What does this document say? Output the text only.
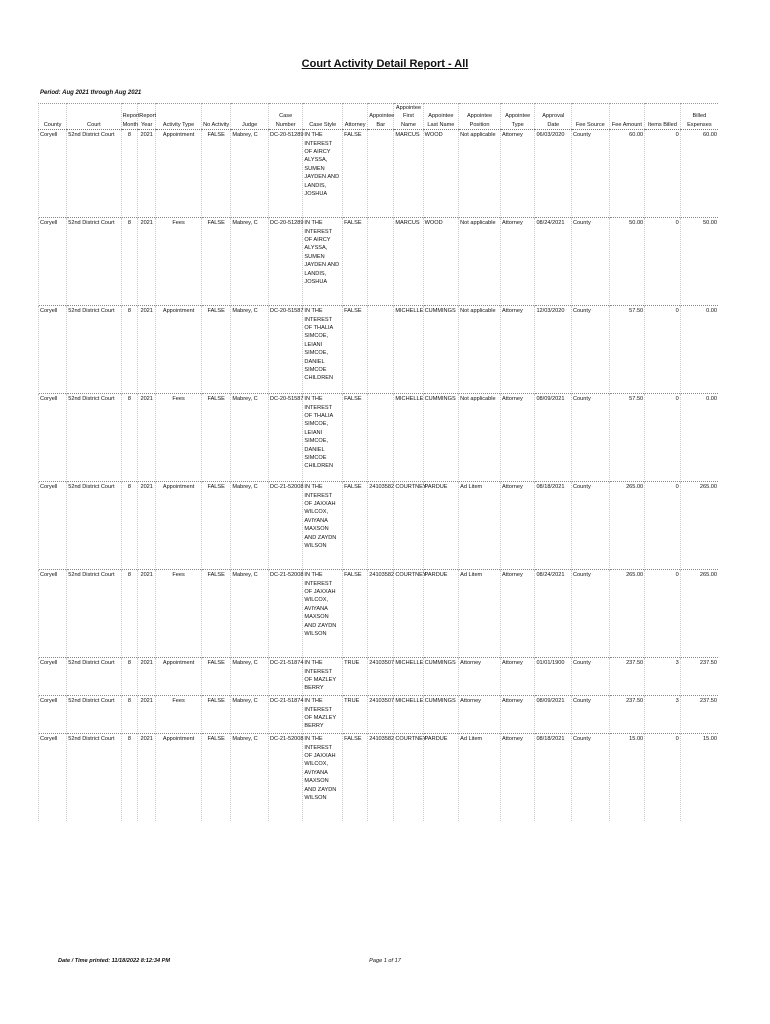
Court Activity Detail Report - All
Period: Aug 2021 through Aug 2021
County	Court	Report Month	Report Year	Activity Type	No Activity	Judge	Case Number	Case Style	Attorney	Appointee Bar	Appointee First Name	Appointee Last Name	Appointee Position	Appointee Type	Approval Date	Fee Source	Fee Amount	Items Billed	Billed Expenses
Coryell	52nd District Court	8	2021	Appointment	FALSE	Mabrey, C	DC-20-51289	IN THE INTEREST OF AIRCY ALYSSA, SUMEN JAYDEN AND LANDIS, JOSHUA	FALSE		MARCUS	WOOD	Not applicable	Attorney	06/03/2020	County	60.00	0	60.00
Coryell	52nd District Court	8	2021	Fees	FALSE	Mabrey, C	DC-20-51289	IN THE INTEREST OF AIRCY ALYSSA, SUMEN JAYDEN AND LANDIS, JOSHUA	FALSE		MARCUS	WOOD	Not applicable	Attorney	08/24/2021	County	50.00	0	50.00
Coryell	52nd District Court	8	2021	Appointment	FALSE	Mabrey, C	DC-20-51587	IN THE INTEREST OF THALIA SIMCOE, LEIANI SIMCOE, DANIEL SIMCOE CHILDREN	FALSE		MICHELLE	CUMMINGS	Not applicable	Attorney	12/03/2020	County	57.50	0	0.00
Coryell	52nd District Court	8	2021	Fees	FALSE	Mabrey, C	DC-20-51587	IN THE INTEREST OF THALIA SIMCOE, LEIANI SIMCOE, DANIEL SIMCOE CHILDREN	FALSE		MICHELLE	CUMMINGS	Not applicable	Attorney	08/09/2021	County	57.50	0	0.00
Coryell	52nd District Court	8	2021	Appointment	FALSE	Mabrey, C	DC-21-52008	IN THE INTEREST OF JAXXAH WILCOX, AVIYANA MAXSON AND ZAYDN WILSON	FALSE	24103582	COURTNEY	PARDUE	Ad Litem	Attorney	08/18/2021	County	265.00	0	265.00
Coryell	52nd District Court	8	2021	Fees	FALSE	Mabrey, C	DC-21-52008	IN THE INTEREST OF JAXXAH WILCOX, AVIYANA MAXSON AND ZAYDN WILSON	FALSE	24103582	COURTNEY	PARDUE	Ad Litem	Attorney	08/24/2021	County	265.00	0	265.00
Coryell	52nd District Court	8	2021	Appointment	FALSE	Mabrey, C	DC-21-51874	IN THE INTEREST OF MAZLEY BERRY	TRUE	24103507	MICHELLE	CUMMINGS	Attorney	Attorney	01/01/1900	County	237.50	3	237.50
Coryell	52nd District Court	8	2021	Fees	FALSE	Mabrey, C	DC-21-51874	IN THE INTEREST OF MAZLEY BERRY	TRUE	24103507	MICHELLE	CUMMINGS	Attorney	Attorney	08/09/2021	County	237.50	3	237.50
Coryell	52nd District Court	8	2021	Appointment	FALSE	Mabrey, C	DC-21-52008	IN THE INTEREST OF JAXXAH WILCOX, AVIYANA MAXSON AND ZAYDN WILSON	FALSE	24103582	COURTNEY	PARDUE	Ad Litem	Attorney	08/18/2021	County	15.00	0	15.00
Date / Time printed: 11/18/2022 8:12:34 PM	Page 1 of 17
